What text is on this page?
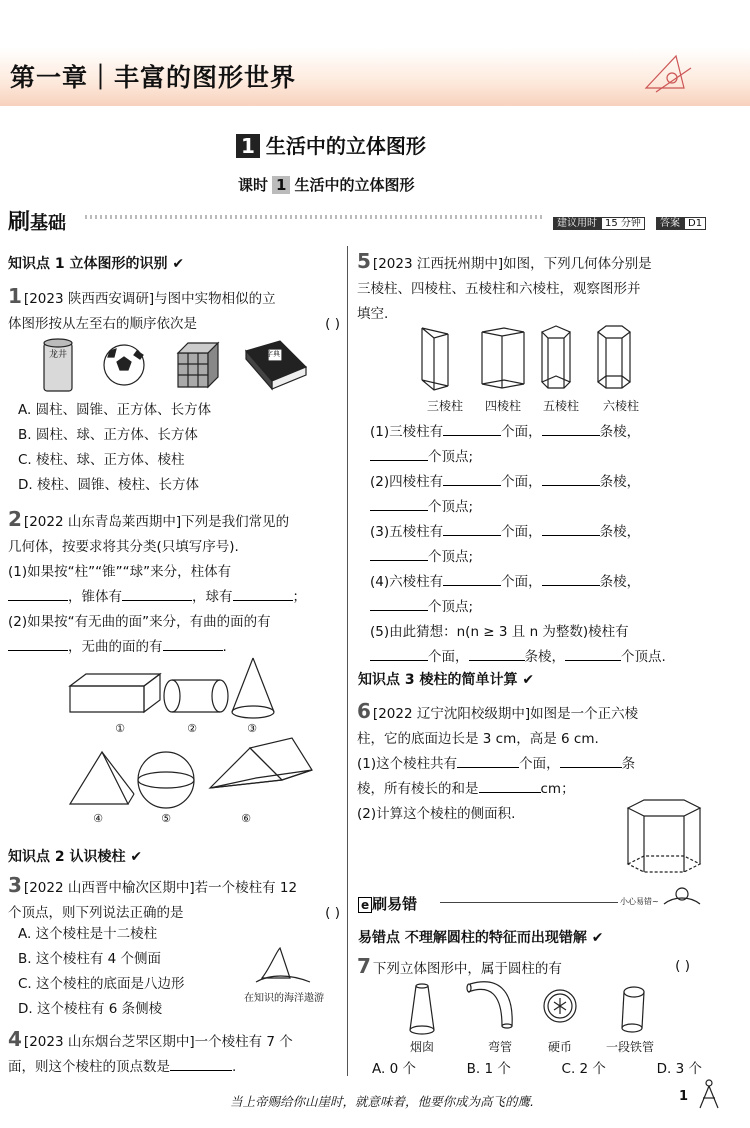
第一章｜丰富的图形世界
1 生活中的立体图形
课时 1 生活中的立体图形
刷基础	建议用时 15 分钟 答案 D1
知识点 1 立体图形的识别 ✔
1 [2023 陕西西安调研]与图中实物相似的立
体图形按从左至右的顺序依次是	( )
龙井	字典
A. 圆柱、圆锥、正方体、长方体
B. 圆柱、球、正方体、长方体
C. 棱柱、球、正方体、棱柱
D. 棱柱、圆锥、棱柱、长方体
2 [2022 山东青岛莱西期中]下列是我们常见的
几何体，按要求将其分类(只填写序号).
(1)如果按“柱”“锥”“球”来分，柱体有
，锥体有	，球有	；
(2)如果按“有无曲的面”来分，有曲的面的有
，无曲的面的有	.
①	②	③
④	⑤	⑥
知识点 2 认识棱柱 ✔
3 [2022 山西晋中榆次区期中]若一个棱柱有 12
个顶点，则下列说法正确的是	( )
A. 这个棱柱是十二棱柱
B. 这个棱柱有 4 个侧面
C. 这个棱柱的底面是八边形
D. 这个棱柱有 6 条侧棱
在知识的海洋遨游
4 [2023 山东烟台芝罘区期中]一个棱柱有 7 个
面，则这个棱柱的顶点数是	.
5 [2023 江西抚州期中]如图，下列几何体分别是
三棱柱、四棱柱、五棱柱和六棱柱，观察图形并
填空.
三棱柱	四棱柱	五棱柱	六棱柱
(1)三棱柱有	个面，	条棱，
个顶点;
(2)四棱柱有	个面，	条棱，
个顶点;
(3)五棱柱有	个面，	条棱，
个顶点;
(4)六棱柱有	个面，	条棱，
个顶点;
(5)由此猜想：n(n ≥ 3 且 n 为整数)棱柱有
个面，	条棱，	个顶点.
知识点 3 棱柱的简单计算 ✔
6 [2022 辽宁沈阳校级期中]如图是一个正六棱
柱，它的底面边长是 3 cm，高是 6 cm.
(1)这个棱柱共有	个面，	条
棱，所有棱长的和是	cm；
(2)计算这个棱柱的侧面积.
e 刷易错	小心易错~
易错点 不理解圆柱的特征而出现错解 ✔
7 下列立体图形中，属于圆柱的有	( )
烟囱	弯管	硬币	一段铁管
A. 0 个	B. 1 个	C. 2 个	D. 3 个
当上帝赐给你山崖时，就意味着，他要你成为高飞的鹰.	1
